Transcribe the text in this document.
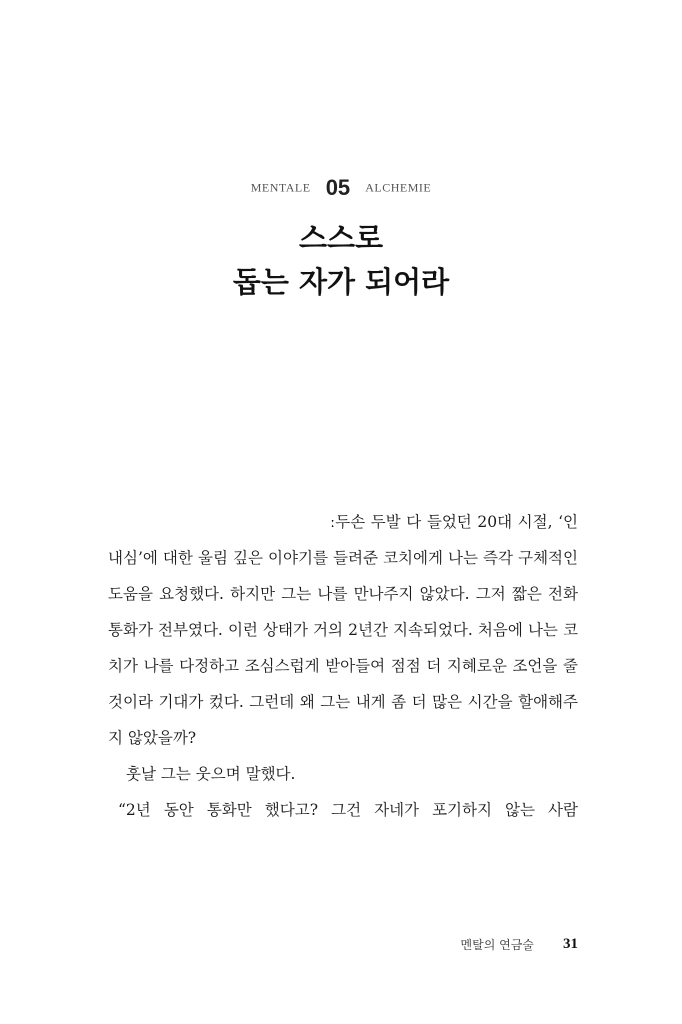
MENTALE 05 ALCHEMIE
스스로
돕는 자가 되어라

ː두손 두발 다 들었던 20대 시절, ‘인내심’에 대한 울림 깊은 이야기를 들려준 코치에게 나는 즉각 구체적인 도움을 요청했다. 하지만 그는 나를 만나주지 않았다. 그저 짧은 전화 통화가 전부였다. 이런 상태가 거의 2년간 지속되었다. 처음에 나는 코치가 나를 다정하고 조심스럽게 받아들여 점점 더 지혜로운 조언을 줄 것이라 기대가 컸다. 그런데 왜 그는 내게 좀 더 많은 시간을 할애해주지 않았을까?

훗날 그는 웃으며 말했다.

“2년 동안 통화만 했다고? 그건 자네가 포기하지 않는 사람

멘탈의 연금술 31
